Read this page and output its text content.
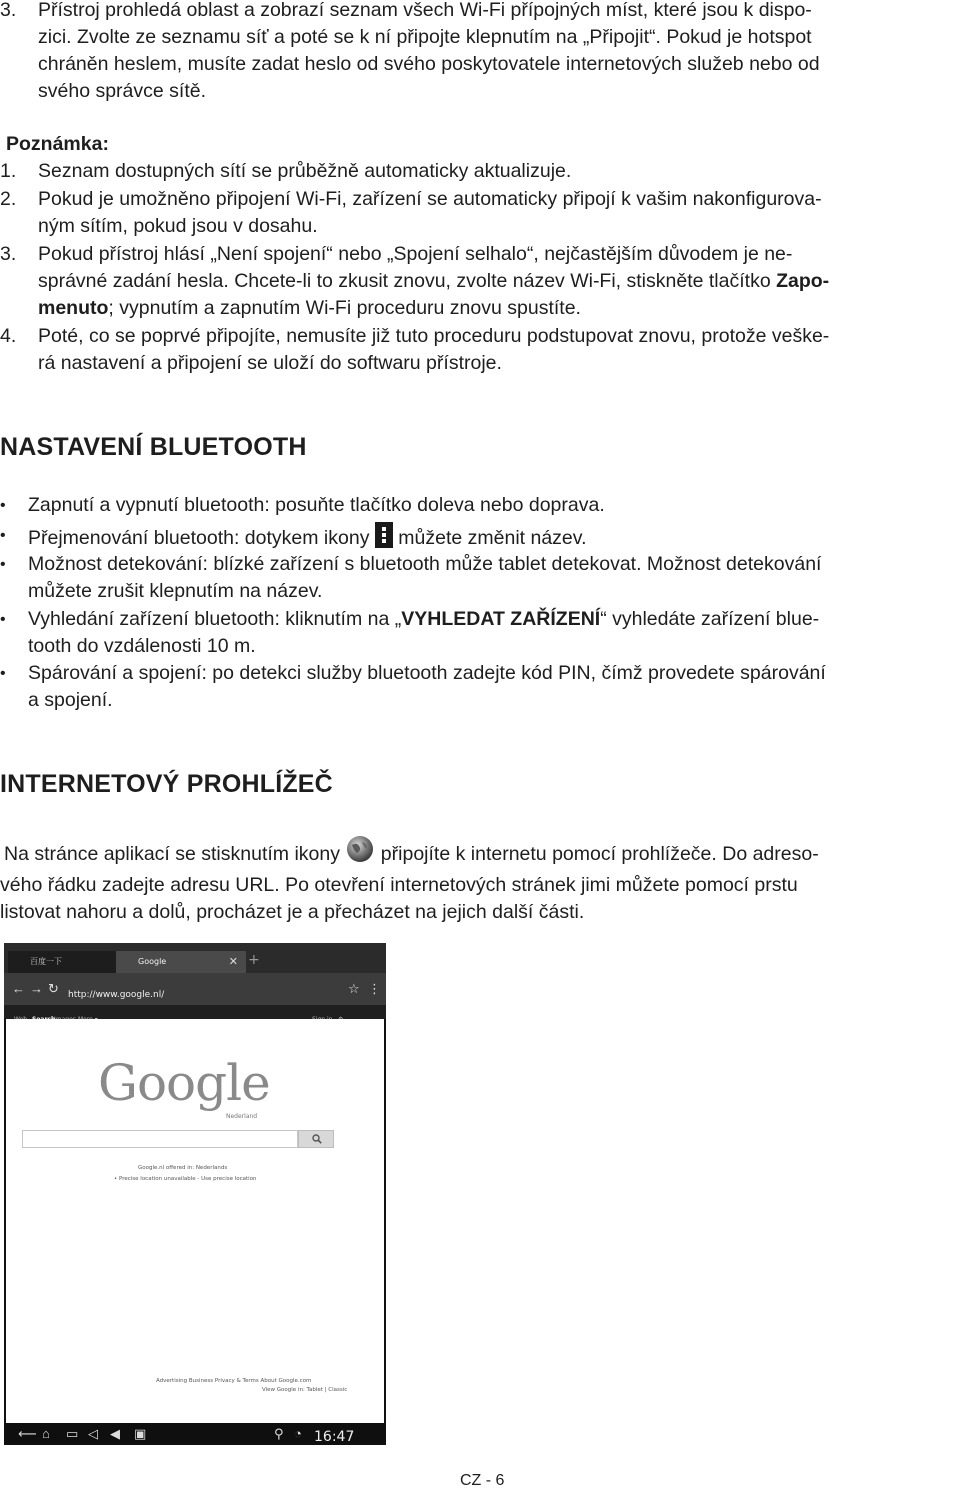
3.	Přístroj prohledá oblast a zobrazí seznam všech Wi-Fi přípojných míst, které jsou k dispo-
zici. Zvolte ze seznamu síť a poté se k ní připojte klepnutím na „Připojit“. Pokud je hotspot
chráněn heslem, musíte zadat heslo od svého poskytovatele internetových služeb nebo od
svého správce sítě.
Poznámka:
1.	Seznam dostupných sítí se průběžně automaticky aktualizuje.
2.	Pokud je umožněno připojení Wi-Fi, zařízení se automaticky připojí k vašim nakonfigurova-
ným sítím, pokud jsou v dosahu.
3.	Pokud přístroj hlásí „Není spojení“ nebo „Spojení selhalo“, nejčastějším důvodem je ne-
správné zadání hesla. Chcete-li to zkusit znovu, zvolte název Wi-Fi, stiskněte tlačítko Zapo-
menuto; vypnutím a zapnutím Wi-Fi proceduru znovu spustíte.
4.	Poté, co se poprvé připojíte, nemusíte již tuto proceduru podstupovat znovu, protože veške-
rá nastavení a připojení se uloží do softwaru přístroje.
NASTAVENÍ BLUETOOTH
•	Zapnutí a vypnutí bluetooth: posuňte tlačítko doleva nebo doprava.
•	Přejmenování bluetooth: dotykem ikony  můžete změnit název.
•	Možnost detekování: blízké zařízení s bluetooth může tablet detekovat. Možnost detekování
můžete zrušit klepnutím na název.
•	Vyhledání zařízení bluetooth: kliknutím na „VYHLEDAT ZAŘÍZENÍ“ vyhledáte zařízení blue-
tooth do vzdálenosti 10 m.
•	Spárování a spojení: po detekci služby bluetooth zadejte kód PIN, čímž provedete spárování
a spojení.
INTERNETOVÝ PROHLÍŽEČ
Na stránce aplikací se stisknutím ikony  připojíte k internetu pomocí prohlížeče. Do adreso-
vého řádku zadejte adresu URL. Po otevření internetových stránek jimi můžete pomocí prstu
listovat nahoru a dolů, procházet je a přecházet na jejich další části.
百度一下	Google	✕ +
← → ↻ http://www.google.nl/	☆ ⋮
Google
Nederland
Google.nl offered in: Nederlands
• Precise location unavailable - Use precise location
Advertising Business Privacy & Terms About Google.com
View Google in: Tablet | Classic
⟵ ⌂ ▭ ◁ ◀ ▣	⚲ ◔ 16:47
CZ - 6
